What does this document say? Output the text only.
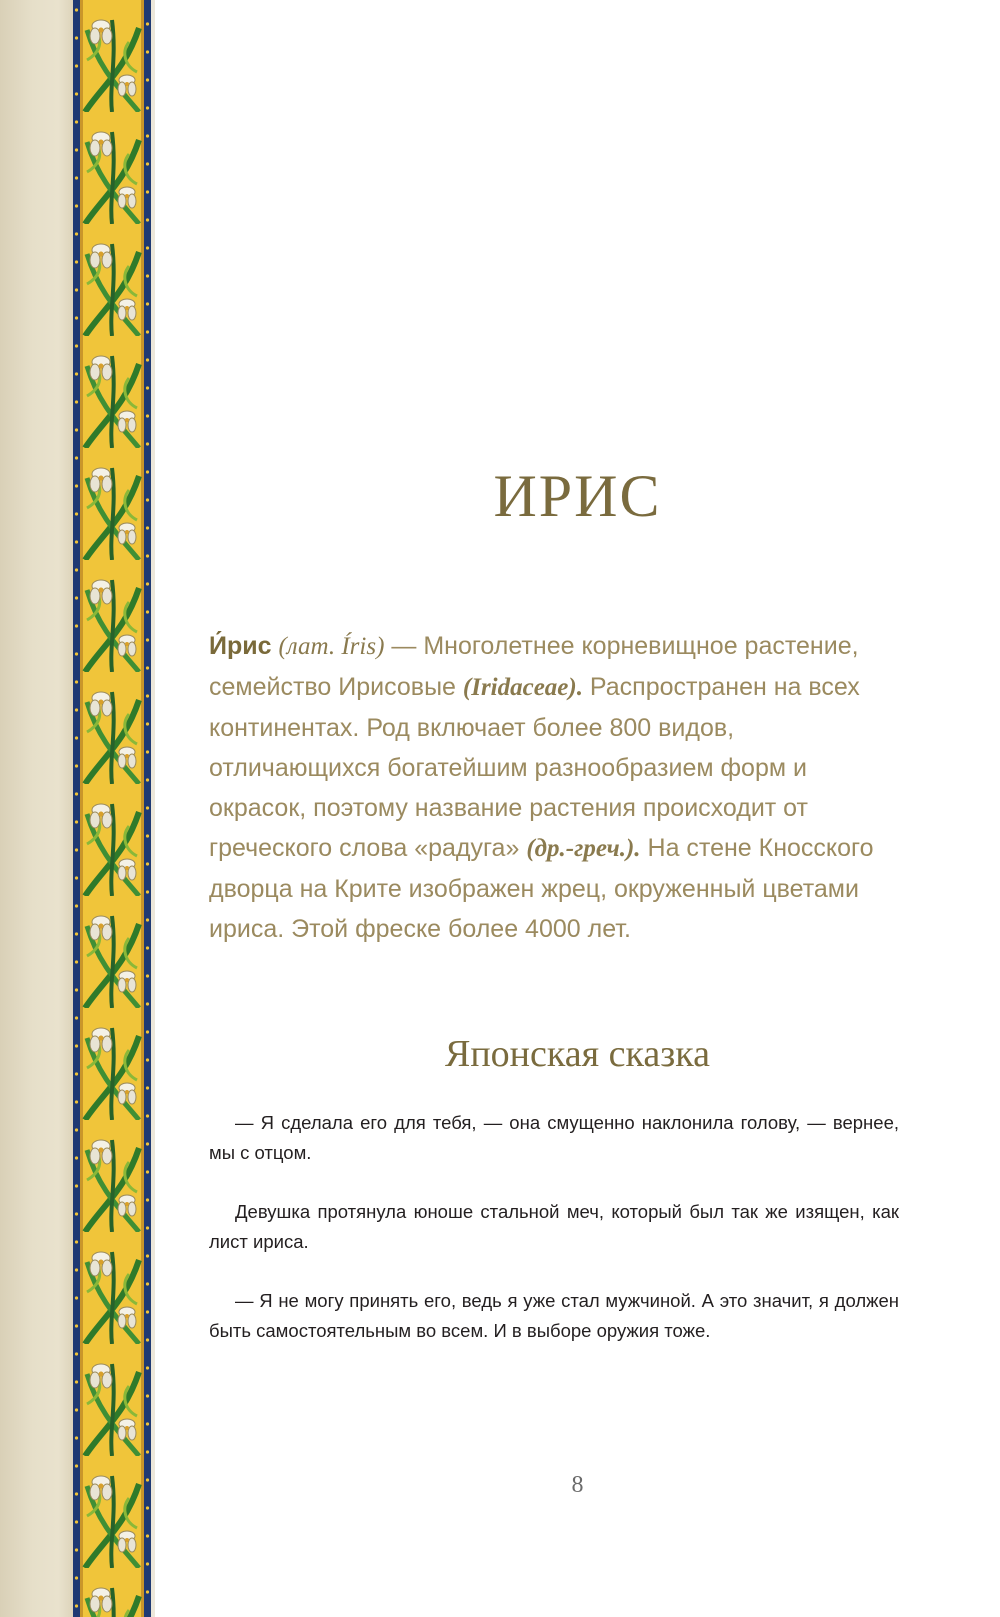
ИРИС

И́рис (лат. Íris) — Многолетнее корневищное растение, семейство Ирисовые (Iridaceae). Распространен на всех континентах. Род включает более 800 видов, отличающихся богатейшим разнообразием форм и окрасок, поэтому название растения происходит от греческого слова «радуга» (др.-греч.). На стене Кносского дворца на Крите изображен жрец, окруженный цветами ириса. Этой фреске более 4000 лет.

Японская сказка

— Я сделала его для тебя, — она смущенно наклонила голову, — вернее, мы с отцом.

Девушка протянула юноше стальной меч, который был так же изящен, как лист ириса.

— Я не могу принять его, ведь я уже стал мужчиной. А это значит, я должен быть самостоятельным во всем. И в выборе оружия тоже.

8
